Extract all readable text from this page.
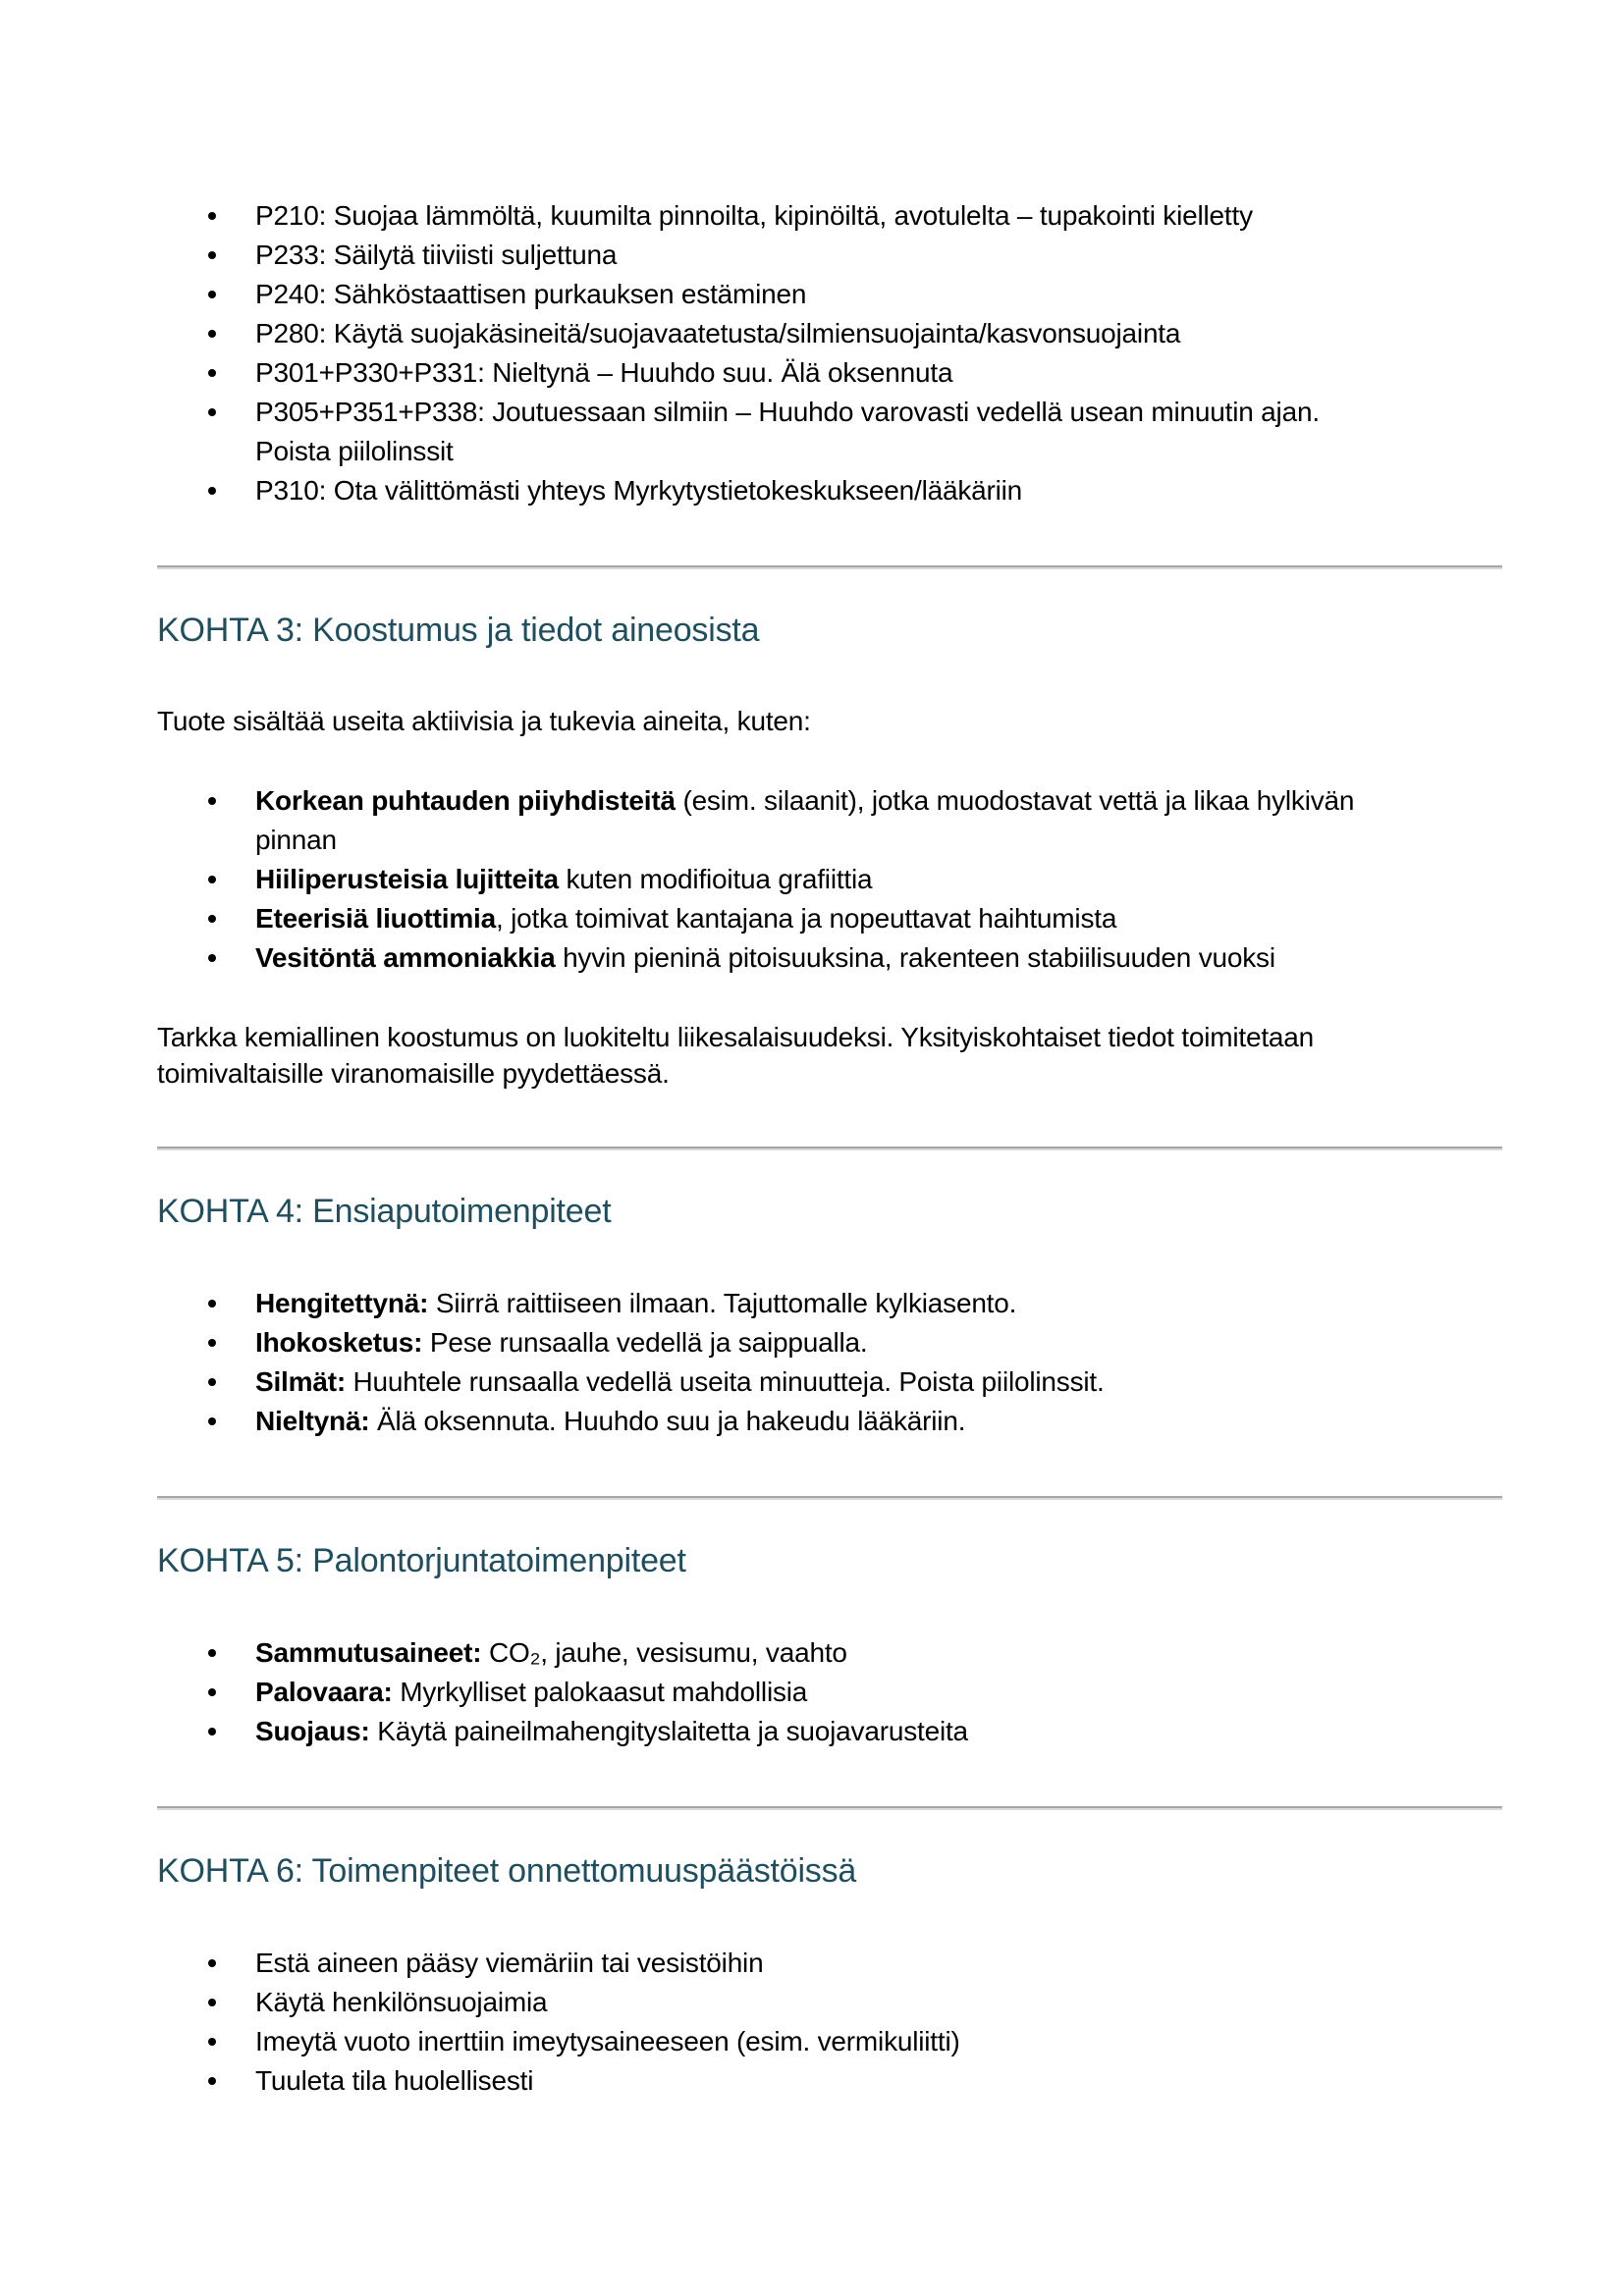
P210: Suojaa lämmöltä, kuumilta pinnoilta, kipinöiltä, avotulelta – tupakointi kielletty
P233: Säilytä tiiviisti suljettuna
P240: Sähköstaattisen purkauksen estäminen
P280: Käytä suojakäsineitä/suojavaatetusta/silmiensuojainta/kasvonsuojainta
P301+P330+P331: Nieltynä – Huuhdo suu. Älä oksennuta
P305+P351+P338: Joutuessaan silmiin – Huuhdo varovasti vedellä usean minuutin ajan.
Poista piilolinssit
P310: Ota välittömästi yhteys Myrkytystietokeskukseen/lääkäriin
KOHTA 3: Koostumus ja tiedot aineosista

Tuote sisältää useita aktiivisia ja tukevia aineita, kuten:

Korkean puhtauden piiyhdisteitä (esim. silaanit), jotka muodostavat vettä ja likaa hylkivän
pinnan
Hiiliperusteisia lujitteita kuten modifioitua grafiittia
Eteerisiä liuottimia, jotka toimivat kantajana ja nopeuttavat haihtumista
Vesitöntä ammoniakkia hyvin pieninä pitoisuuksina, rakenteen stabiilisuuden vuoksi

Tarkka kemiallinen koostumus on luokiteltu liikesalaisuudeksi. Yksityiskohtaiset tiedot toimitetaan
toimivaltaisille viranomaisille pyydettäessä.

KOHTA 4: Ensiaputoimenpiteet
Hengitettynä: Siirrä raittiiseen ilmaan. Tajuttomalle kylkiasento.
Ihokosketus: Pese runsaalla vedellä ja saippualla.
Silmät: Huuhtele runsaalla vedellä useita minuutteja. Poista piilolinssit.
Nieltynä: Älä oksennuta. Huuhdo suu ja hakeudu lääkäriin.
KOHTA 5: Palontorjuntatoimenpiteet
Sammutusaineet: CO₂, jauhe, vesisumu, vaahto
Palovaara: Myrkylliset palokaasut mahdollisia
Suojaus: Käytä paineilmahengityslaitetta ja suojavarusteita
KOHTA 6: Toimenpiteet onnettomuuspäästöissä
Estä aineen pääsy viemäriin tai vesistöihin
Käytä henkilönsuojaimia
Imeytä vuoto inerttiin imeytysaineeseen (esim. vermikuliitti)
Tuuleta tila huolellisesti
